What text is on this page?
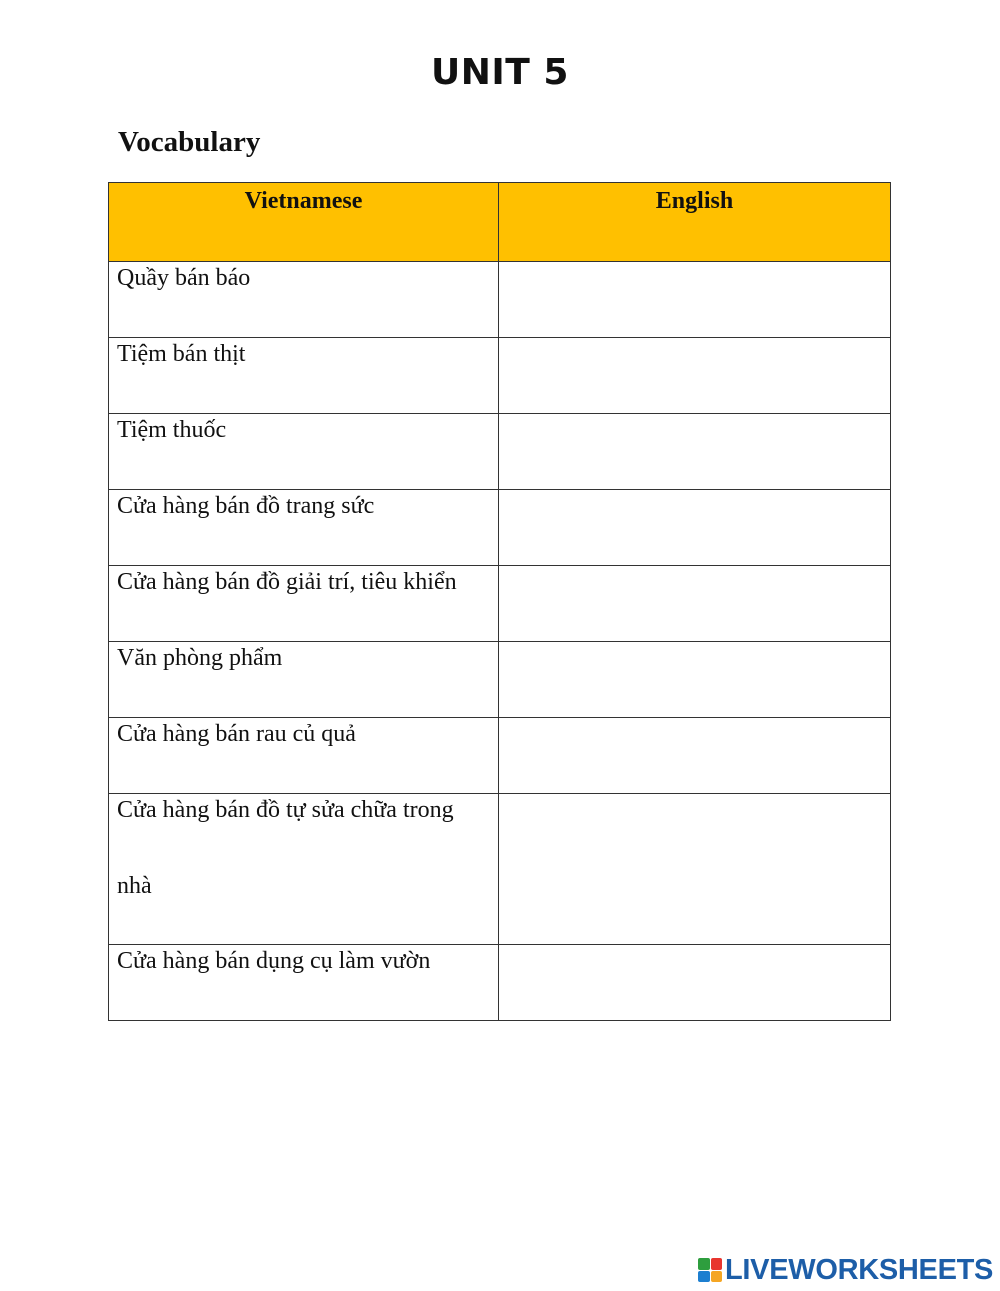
UNIT 5
Vocabulary
Vietnamese	English

Quầy bán báo	

Tiệm bán thịt	

Tiệm thuốc	

Cửa hàng bán đồ trang sức	

Cửa hàng bán đồ giải trí, tiêu khiển	

Văn phòng phẩm	

Cửa hàng bán rau củ quả	

Cửa hàng bán đồ tự sửa chữa trong nhà	

Cửa hàng bán dụng cụ làm vườn	

LIVEWORKSHEETS
